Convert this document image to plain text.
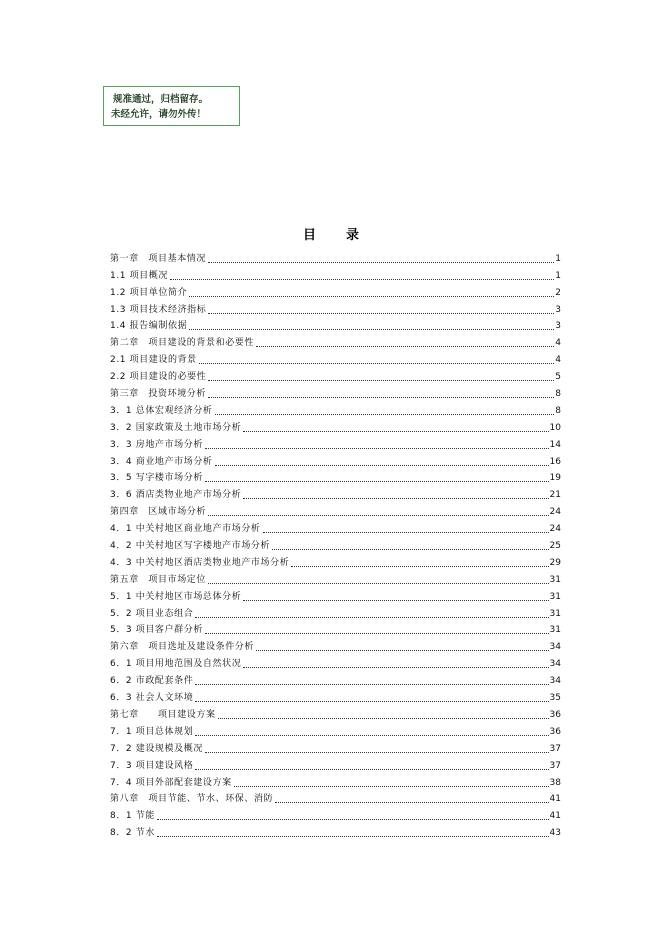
规准通过，归档留存。
未经允许，请勿外传！
目录
第一章　项目基本情况	1
1.1 项目概况	1
1.2 项目单位简介	2
1.3 项目技术经济指标	3
1.4 报告编制依据	3
第二章　项目建设的背景和必要性	4
2.1 项目建设的背景	4
2.2 项目建设的必要性	5
第三章　投资环境分析	8
3．1 总体宏观经济分析	8
3．2 国家政策及土地市场分析	10
3．3 房地产市场分析	14
3．4 商业地产市场分析	16
3．5 写字楼市场分析	19
3．6 酒店类物业地产市场分析	21
第四章　区域市场分析	24
4．1 中关村地区商业地产市场分析	24
4．2 中关村地区写字楼地产市场分析	25
4．3 中关村地区酒店类物业地产市场分析	29
第五章　项目市场定位	31
5．1 中关村地区市场总体分析	31
5．2 项目业态组合	31
5．3 项目客户群分析	31
第六章　项目选址及建设条件分析	34
6．1 项目用地范围及自然状况	34
6．2 市政配套条件	34
6．3 社会人文环境	35
第七章　　项目建设方案	36
7．1 项目总体规划	36
7．2 建设规模及概况	37
7．3 项目建设风格	37
7．4 项目外部配套建设方案	38
第八章　项目节能、节水、环保、消防	41
8．1 节能	41
8．2 节水	43
